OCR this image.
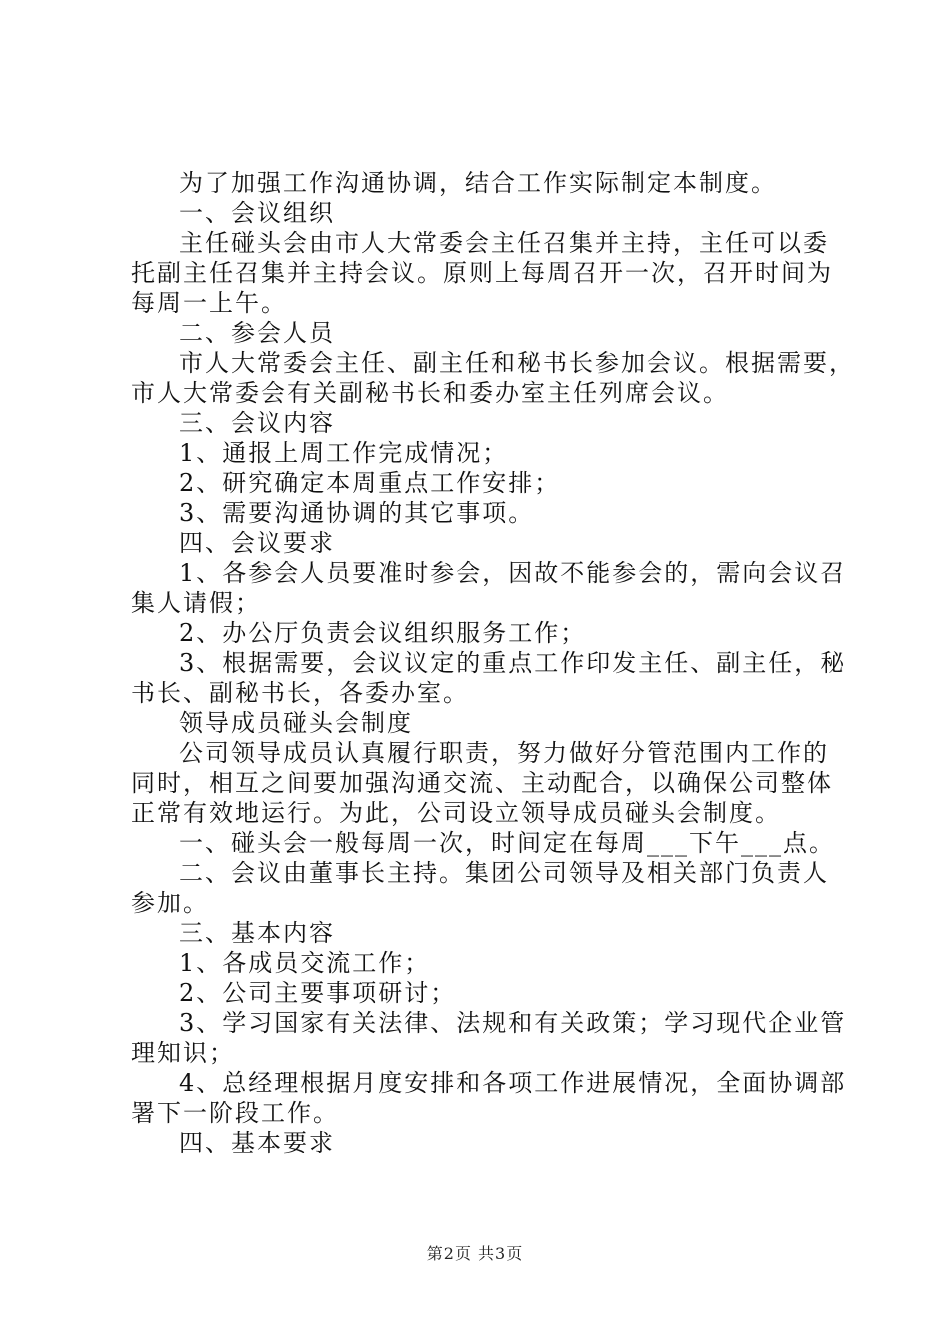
为了加强工作沟通协调，结合工作实际制定本制度。
一、会议组织
主任碰头会由市人大常委会主任召集并主持，主任可以委
托副主任召集并主持会议。原则上每周召开一次，召开时间为
每周一上午。
二、参会人员
市人大常委会主任、副主任和秘书长参加会议。根据需要，
市人大常委会有关副秘书长和委办室主任列席会议。
三、会议内容
1、通报上周工作完成情况；
2、研究确定本周重点工作安排；
3、需要沟通协调的其它事项。
四、会议要求
1、各参会人员要准时参会，因故不能参会的，需向会议召
集人请假；
2、办公厅负责会议组织服务工作；
3、根据需要，会议议定的重点工作印发主任、副主任，秘
书长、副秘书长，各委办室。
领导成员碰头会制度
公司领导成员认真履行职责，努力做好分管范围内工作的
同时，相互之间要加强沟通交流、主动配合，以确保公司整体
正常有效地运行。为此，公司设立领导成员碰头会制度。
一、碰头会一般每周一次，时间定在每周___下午___点。
二、会议由董事长主持。集团公司领导及相关部门负责人
参加。
三、基本内容
1、各成员交流工作；
2、公司主要事项研讨；
3、学习国家有关法律、法规和有关政策；学习现代企业管
理知识；
4、总经理根据月度安排和各项工作进展情况，全面协调部
署下一阶段工作。
四、基本要求
第2页 共3页
